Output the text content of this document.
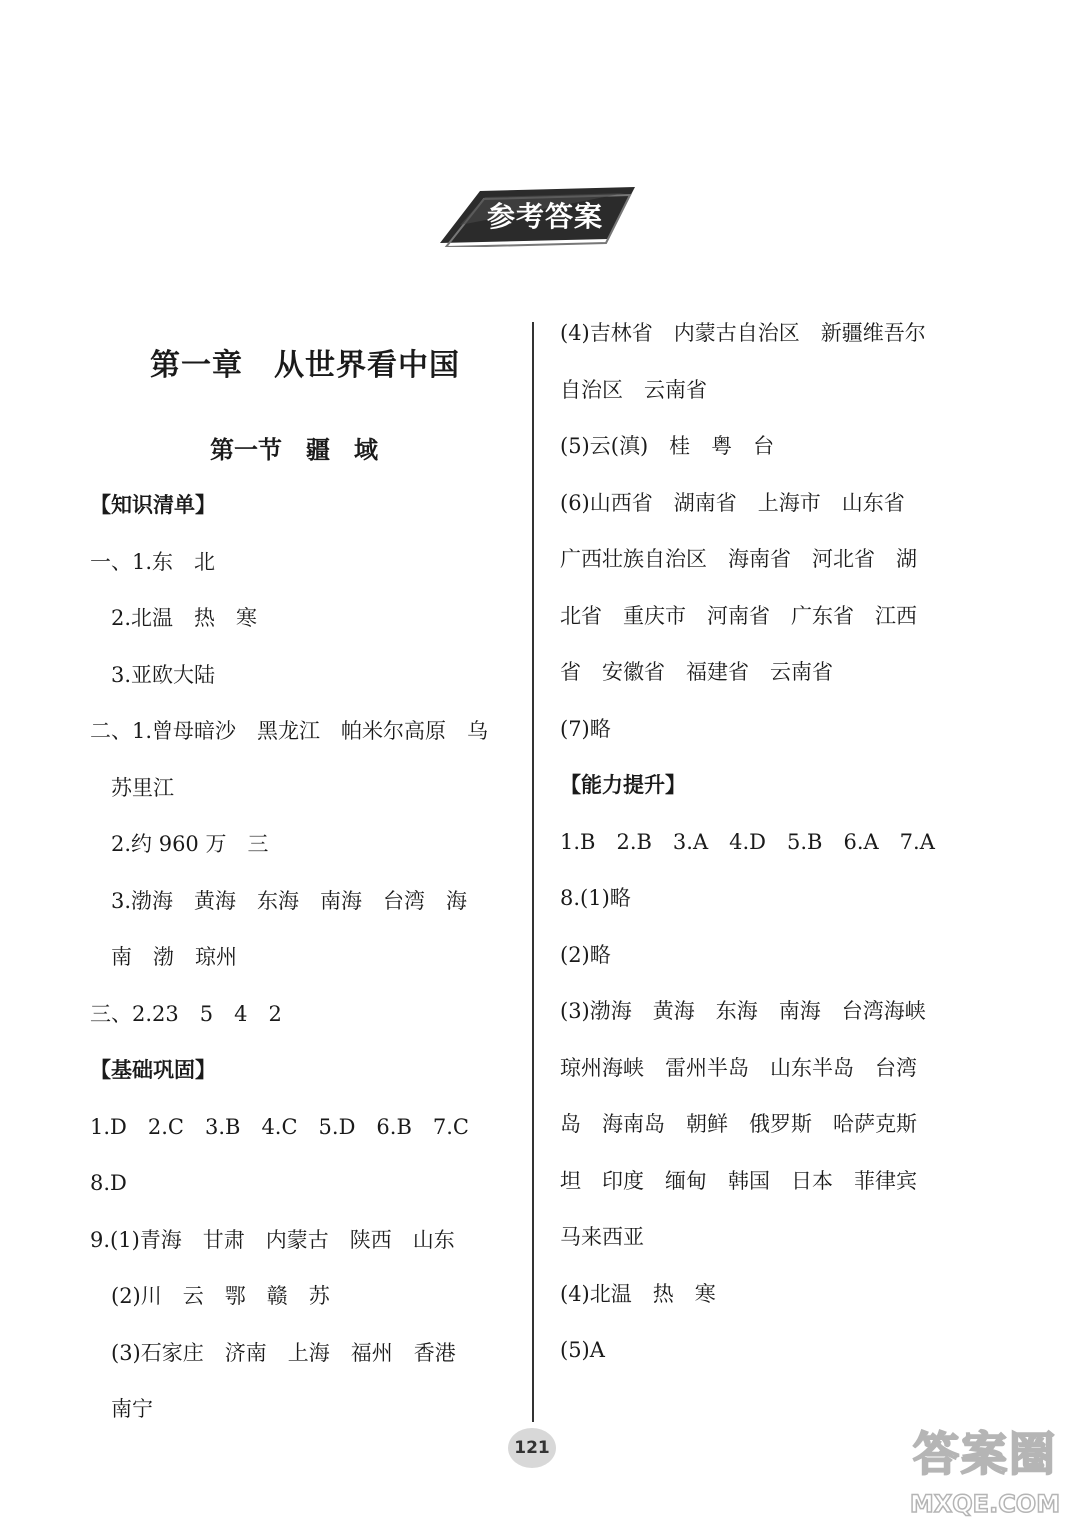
参考答案
第一章　从世界看中国
第一节　疆　域
【知识清单】
一、1.东　北
　2.北温　热　寒
　3.亚欧大陆
二、1.曾母暗沙　黑龙江　帕米尔高原　乌
　苏里江
　2.约 960 万　三
　3.渤海　黄海　东海　南海　台湾　海
　南　渤　琼州
三、2.23　5　4　2
【基础巩固】
1.D　2.C　3.B　4.C　5.D　6.B　7.C
8.D
9.(1)青海　甘肃　内蒙古　陕西　山东
　(2)川　云　鄂　赣　苏
　(3)石家庄　济南　上海　福州　香港
　南宁
(4)吉林省　内蒙古自治区　新疆维吾尔
自治区　云南省
(5)云(滇)　桂　粤　台
(6)山西省　湖南省　上海市　山东省
广西壮族自治区　海南省　河北省　湖
北省　重庆市　河南省　广东省　江西
省　安徽省　福建省　云南省
(7)略
【能力提升】
1.B　2.B　3.A　4.D　5.B　6.A　7.A
8.(1)略
(2)略
(3)渤海　黄海　东海　南海　台湾海峡
琼州海峡　雷州半岛　山东半岛　台湾
岛　海南岛　朝鲜　俄罗斯　哈萨克斯
坦　印度　缅甸　韩国　日本　菲律宾
马来西亚
(4)北温　热　寒
(5)A
121	答案圈
MXQE.COM
